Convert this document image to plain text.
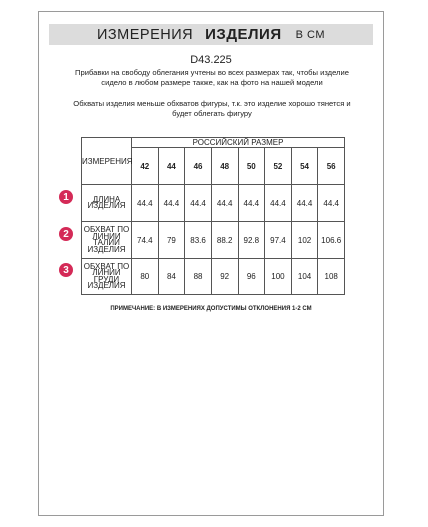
ИЗМЕРЕНИЯ ИЗДЕЛИЯ В СМ
D43.225
Прибавки на свободу облегания учтены во всех размерах так, чтобы изделие сидело в любом размере также, как на фото на нашей модели
Обхваты изделия меньше обхватов фигуры, т.к. это изделие хорошо тянется и будет облегать фигуру
ИЗМЕРЕНИЯ	РОССИЙСКИЙ РАЗМЕР							
	42	44	46	48	50	52	54	56
ДЛИНА ИЗДЕЛИЯ	44.4	44.4	44.4	44.4	44.4	44.4	44.4	44.4
ОБХВАТ ПО ЛИНИИ ТАЛИИ ИЗДЕЛИЯ	74.4	79	83.6	88.2	92.8	97.4	102	106.6
ОБХВАТ ПО ЛИНИИ ГРУДИ ИЗДЕЛИЯ	80	84	88	92	96	100	104	108
1
2
3
ПРИМЕЧАНИЕ: В ИЗМЕРЕНИЯХ ДОПУСТИМЫ ОТКЛОНЕНИЯ 1-2 СМ
